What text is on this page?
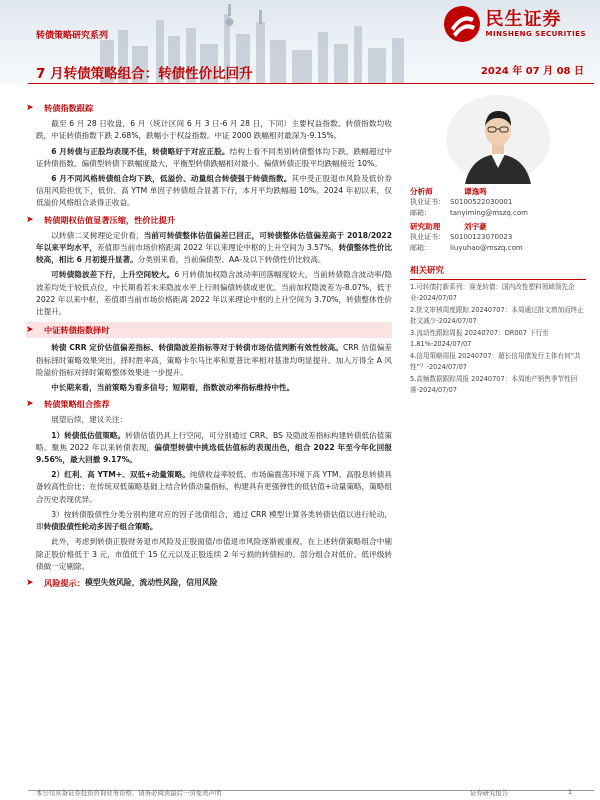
转债策略研究系列
民生证券
MINSHENG SECURITIES
7 月转债策略组合：转债性价比回升	2024 年 07 月 08 日
➤	转债指数跟踪

截至 6 月 28 日收盘，6 月（统计区间 6 月 3 日-6 月 28 日，下同）主要权益指数、转债指数均收跌，中证转债指数下跌 2.68%，跌幅小于权益指数。中证 2000 跌幅相对最深为-9.15%。

6 月转债与正股均表现不佳，转债略好于对应正股。结构上看不同类别转债整体均下跌，跌幅超过中证转债指数。偏债型转债下跌幅度最大，平衡型转债跌幅相对最小。偏债转债正股平均跌幅接近 10%。

6 月不同风格转债组合均下跌，低溢价、动量组合转债强于转债指数。其中受正股退市风险及低价券信用风险担忧下，低价、高 YTM 单因子转债组合显著下行，本月平均跌幅超 10%。2024 年初以来，仅低溢价风格组合录得正收益。

➤	转债期权估值显著压缩，性价比提升

以转债二叉树理论定价看，当前可转债整体估值偏差已回正，可转债整体估值偏差高于 2018/2022 年以来平均水平，差值即当前市场价格距离 2022 年以来理论中枢的上升空间为 3.57%，转债整体性价比较高，相比 6 月初提升显著。分类别来看，当前偏债型、AA-及以下转债性价比较高。

可转债隐波差下行，上升空间较大。6 月转债加权隐含波动率回落幅度较大，当前转债隐含波动率/隐波差均处于较低点位，中长期看若未来隐波水平上行则偏债转债或更优。当前加权隐波差为-8.07%，低于 2022 年以来中枢，差值即当前市场价格距离 2022 年以来理论中枢的上升空间为 3.70%，转债整体性价比提升。

➤	中证转债指数择时

转债 CRR 定价估值偏差指标、转债隐波差指标等对于转债市场估值判断有效性较高。CRR 估值偏差指标择时策略效果突出，择时胜率高，策略卡尔马比率和夏普比率相对基准均明显提升。加入万得全 A 风险溢价指标对择时策略整体效果进一步提升。

中长期来看，当前策略为看多信号；短期看，指数波动率指标维持中性。

➤	转债策略组合推荐

展望后续，建议关注：

1）转债低估值策略。转债估值仍具上行空间，可分别通过 CRR、BS 及隐波差指标构建转债低估值策略。聚焦 2022 年以来转债表现，偏债型转债中挑选低估值标的表现出色，组合 2022 年至今年化回报 9.56%，最大回撤 9.17%。

2）红利、高 YTM+、双低+动量策略。纯债收益率较低、市场偏震荡环境下高 YTM、高股息转债具备较高性价比；在传统双低策略基础上结合转债动量指标，构建具有更强弹性的低估值+动量策略，策略组合历史表现优异。

3）按转债股债性分类分别构建对应的因子选债组合，通过 CRR 模型计算各类转债估值以进行轮动，即转债股债性轮动多因子组合策略。

此外，考虑到转债正股财务退市风险及正股面值/市值退市风险逐渐被重视，在上述转债策略组合中剔除正股价格低于 3 元，市值低于 15 亿元以及正股连续 2 年亏损的转债标的。部分组合对低价、低评级转债做一定剔除。

➤	风险提示： 模型失效风险，流动性风险，信用风险
分析师	谭逸鸣
执业证书： S0100522030001
邮箱：	tanyiming@mszq.com
研究助理	刘宇豪
执业证书： S0100123070023
邮箱：	liuyuhao@mszq.com
相关研究
1.可转债打新系列：赛龙转债：国内改性塑料领域领先企业-2024/07/07
2.批文审核周度跟踪 20240707：本周通过批文增加而终止批文减少-2024/07/07
3.流动性跟踪周报 20240707：DR007 下行至 1.81%-2024/07/07
4.信用策略周报 20240707：超长信用债发行主体有何“共性”？-2024/07/07
5.高频数据跟踪周报 20240707：本周地产销售季节性回落-2024/07/07
本公司具备证券投资咨询业务资格，请务必阅读最后一页免责声明	证券研究报告	1
